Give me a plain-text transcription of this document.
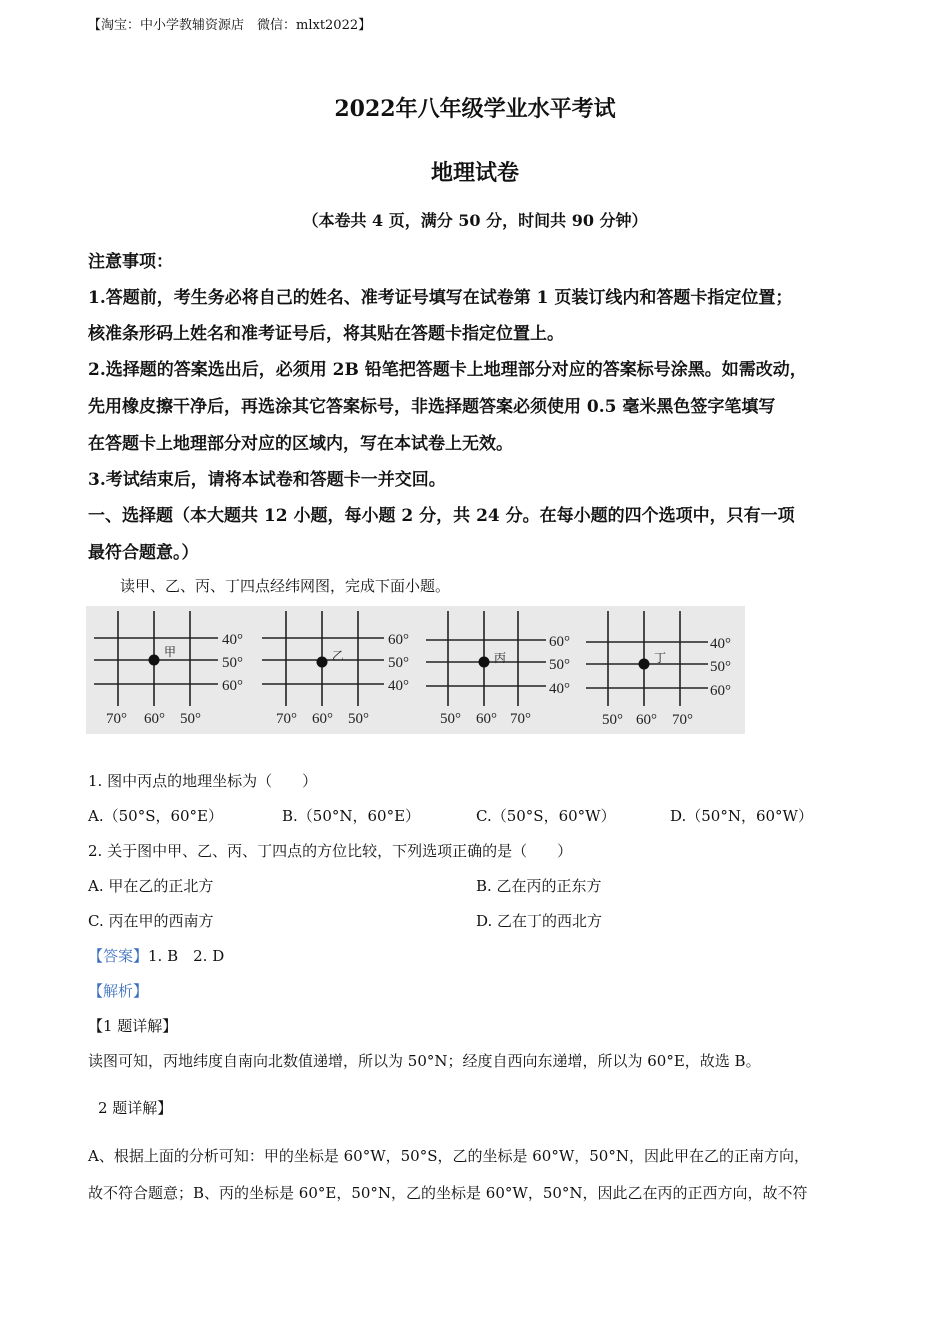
【淘宝：中小学教辅资源店　微信：mlxt2022】
2022年八年级学业水平考试
地理试卷
（本卷共 4 页，满分 50 分，时间共 90 分钟）
注意事项：
1.答题前，考生务必将自己的姓名、准考证号填写在试卷第 1 页装订线内和答题卡指定位置；
核准条形码上姓名和准考证号后，将其贴在答题卡指定位置上。
2.选择题的答案选出后，必须用 2B 铅笔把答题卡上地理部分对应的答案标号涂黑。如需改动，
先用橡皮擦干净后，再选涂其它答案标号，非选择题答案必须使用 0.5 毫米黑色签字笔填写
在答题卡上地理部分对应的区域内，写在本试卷上无效。
3.考试结束后，请将本试卷和答题卡一并交回。
一、选择题（本大题共 12 小题，每小题 2 分，共 24 分。在每小题的四个选项中，只有一项
最符合题意。）
读甲、乙、丙、丁四点经纬网图，完成下面小题。
甲
40°
50°
60°
70° 60° 50°
乙
60°
50°
40°
70° 60° 50°
丙
60°
50°
40°
50° 60° 70°
丁
40°
50°
60°
50° 60° 70°
1. 图中丙点的地理坐标为（　　）
A.（50°S，60°E）	B.（50°N，60°E）	C.（50°S，60°W）	D.（50°N，60°W）
2. 关于图中甲、乙、丙、丁四点的方位比较，下列选项正确的是（　　）
A. 甲在乙的正北方	B. 乙在丙的正东方
C. 丙在甲的西南方	D. 乙在丁的西北方
【答案】1. B　2. D
【解析】
【1 题详解】
读图可知，丙地纬度自南向北数值递增，所以为 50°N；经度自西向东递增，所以为 60°E，故选 B。
2 题详解】
A、根据上面的分析可知：甲的坐标是 60°W，50°S，乙的坐标是 60°W，50°N，因此甲在乙的正南方向，
故不符合题意；B、丙的坐标是 60°E，50°N，乙的坐标是 60°W，50°N，因此乙在丙的正西方向，故不符
